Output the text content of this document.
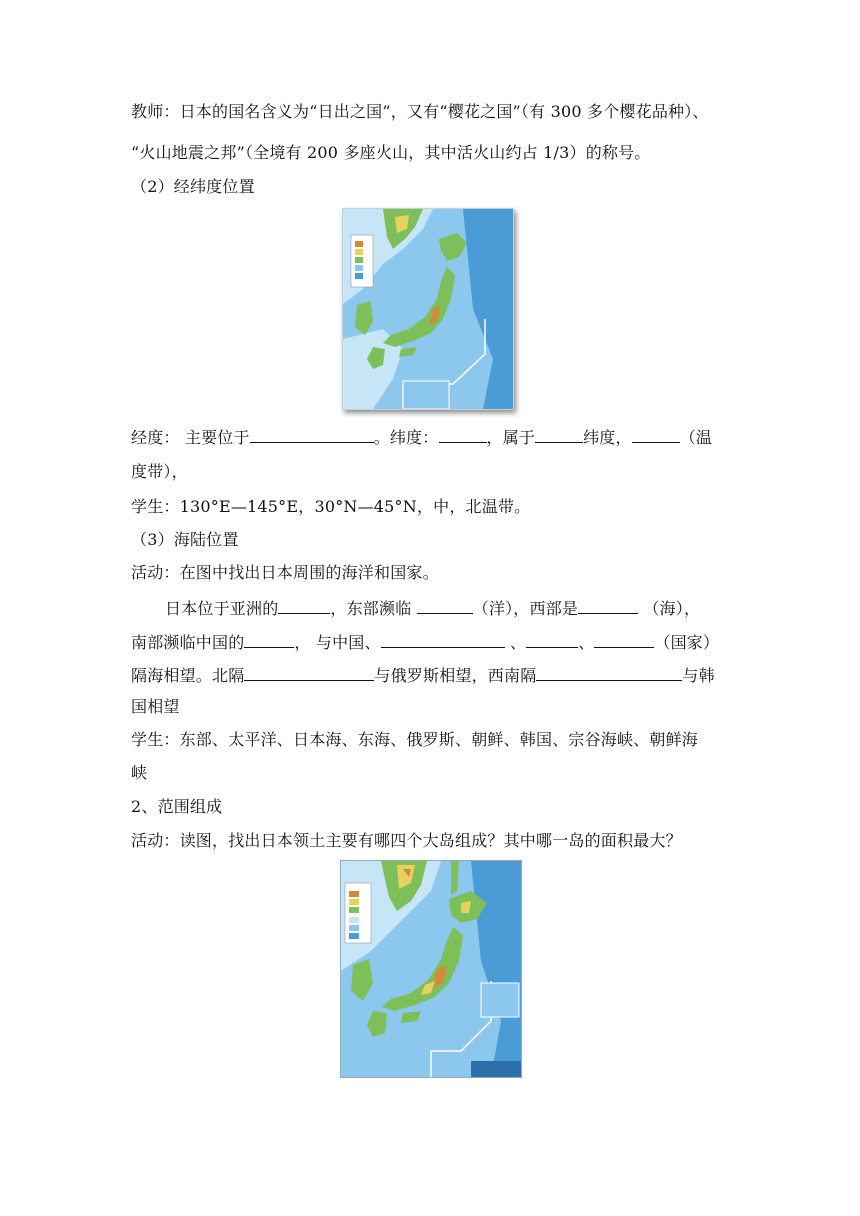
教师：日本的国名含义为“日出之国”，又有“樱花之国”（有 300 多个樱花品种）、
“火山地震之邦”（全境有 200 多座火山，其中活火山约占 1/3）的称号。
（2）经纬度位置
经度： 主要位于	。纬度：	，属于	纬度，	（温
度带），
学生：130°E—145°E，30°N—45°N，中，北温带。
（3）海陆位置
活动：在图中找出日本周围的海洋和国家。
日本位于亚洲的	，东部濒临	（洋），西部是	（海），
南部濒临中国的	， 与中国、	、	、	（国家）
隔海相望。北隔	与俄罗斯相望，西南隔	与韩
国相望
学生：东部、太平洋、日本海、东海、俄罗斯、朝鲜、韩国、宗谷海峡、朝鲜海
峡
2、范围组成
活动：读图，找出日本领土主要有哪四个大岛组成？其中哪一岛的面积最大？
